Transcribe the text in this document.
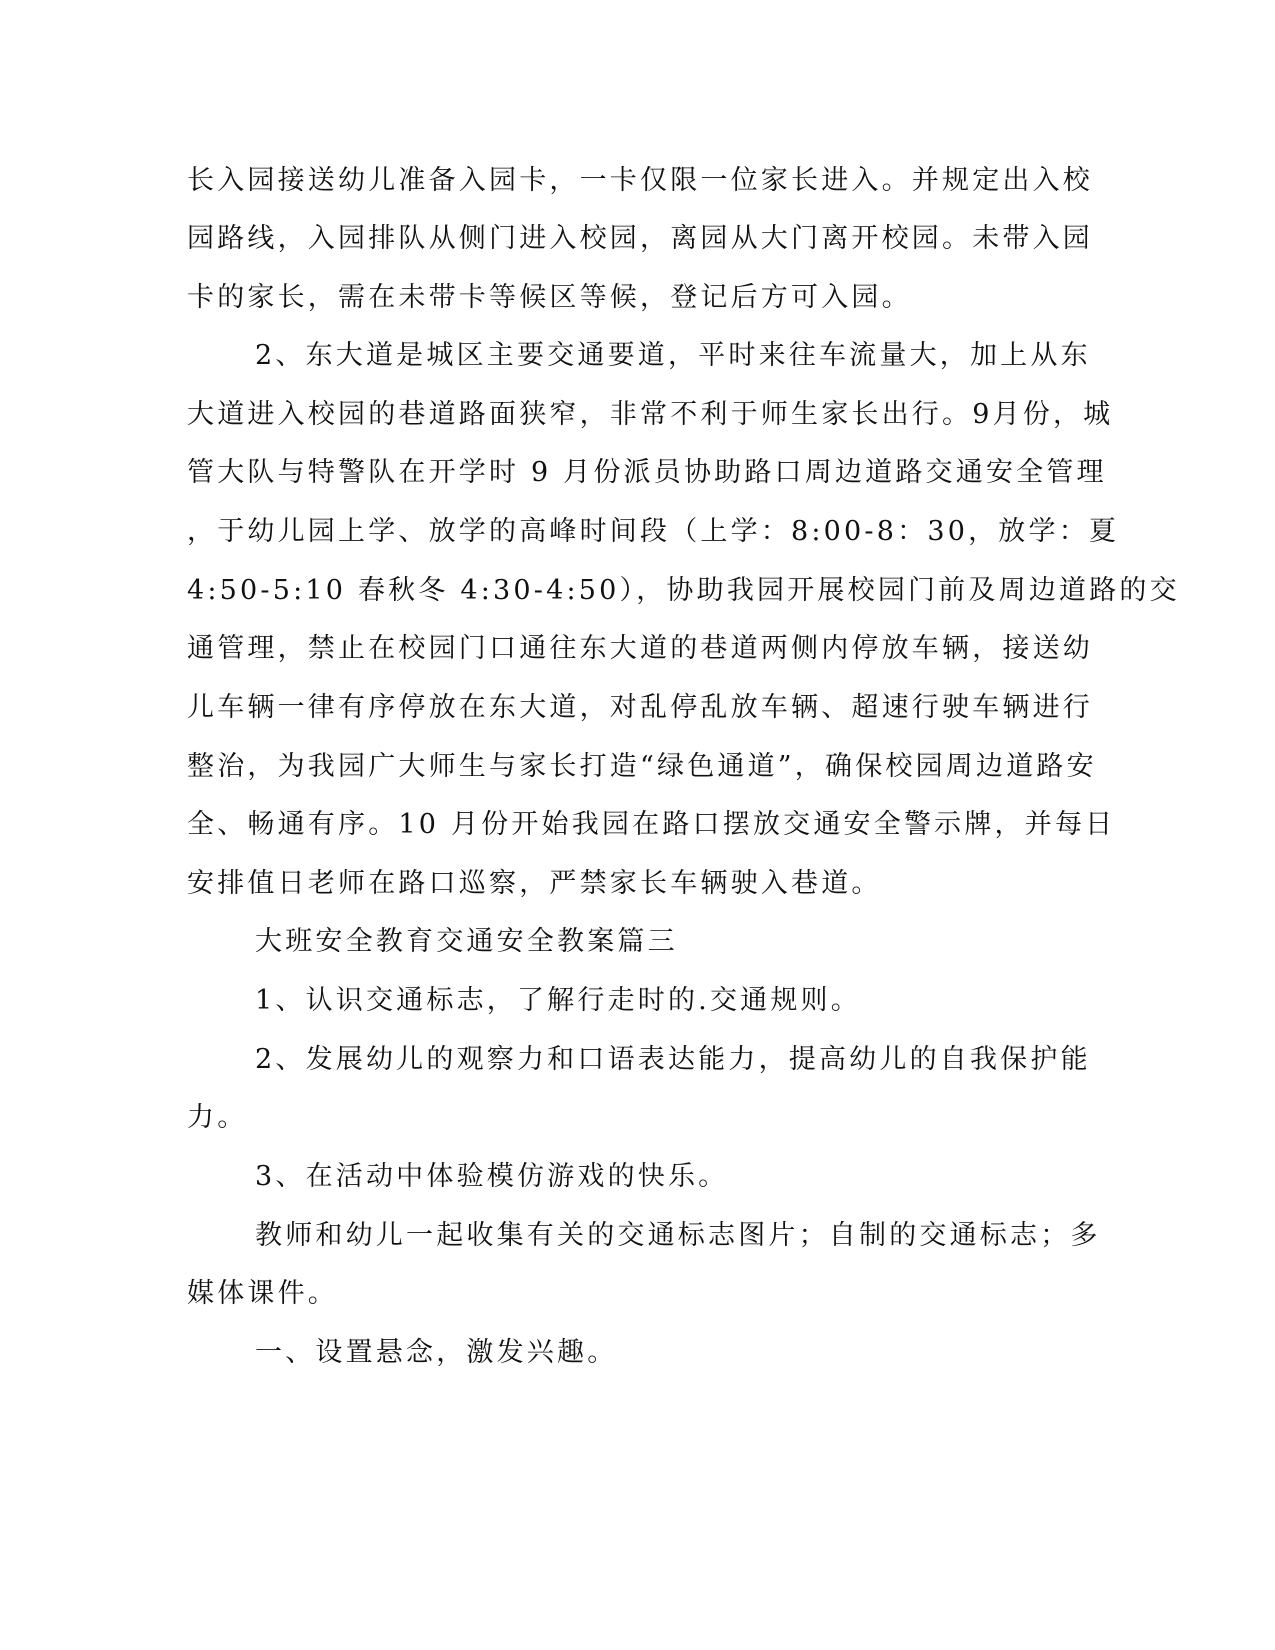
长入园接送幼儿准备入园卡，一卡仅限一位家长进入。并规定出入校
园路线，入园排队从侧门进入校园，离园从大门离开校园。未带入园
卡的家长，需在未带卡等候区等候，登记后方可入园。
2、东大道是城区主要交通要道，平时来往车流量大，加上从东
大道进入校园的巷道路面狭窄，非常不利于师生家长出行。9月份，城
管大队与特警队在开学时 9 月份派员协助路口周边道路交通安全管理
，于幼儿园上学、放学的高峰时间段（上学：8:00-8：30，放学：夏
4:50-5:10 春秋冬 4:30-4:50），协助我园开展校园门前及周边道路的交
通管理，禁止在校园门口通往东大道的巷道两侧内停放车辆，接送幼
儿车辆一律有序停放在东大道，对乱停乱放车辆、超速行驶车辆进行
整治，为我园广大师生与家长打造“绿色通道”，确保校园周边道路安
全、畅通有序。10 月份开始我园在路口摆放交通安全警示牌，并每日
安排值日老师在路口巡察，严禁家长车辆驶入巷道。
大班安全教育交通安全教案篇三
1、认识交通标志，了解行走时的.交通规则。
2、发展幼儿的观察力和口语表达能力，提高幼儿的自我保护能
力。
3、在活动中体验模仿游戏的快乐。
教师和幼儿一起收集有关的交通标志图片；自制的交通标志；多
媒体课件。
一、设置悬念，激发兴趣。
